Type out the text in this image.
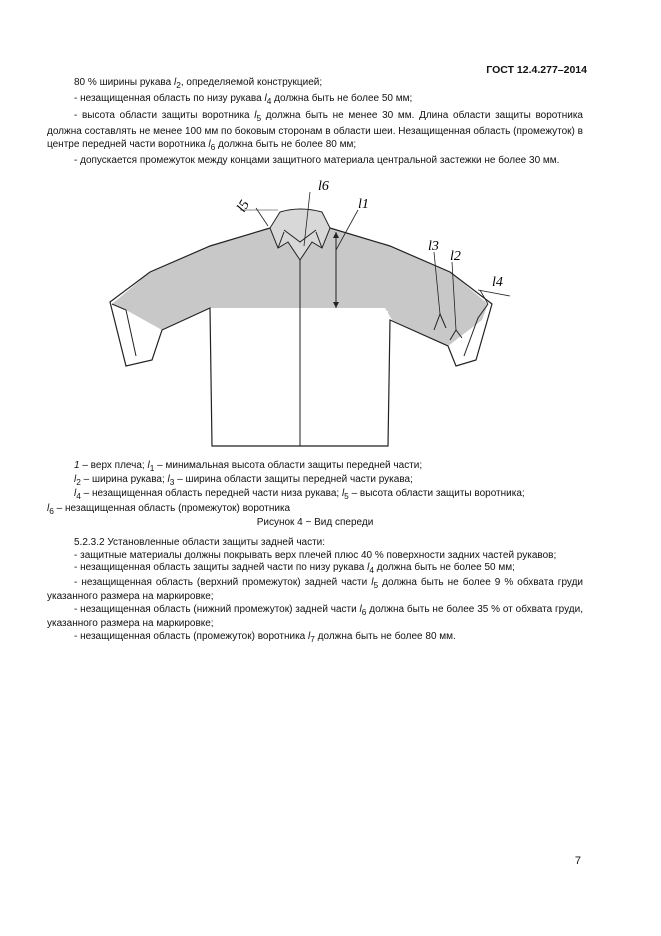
ГОСТ 12.4.277–2014

80 % ширины рукава $l_2$, определяемой конструкцией;

- незащищенная область по низу рукава $l_4$ должна быть не более 50 мм;

- высота области защиты воротника $l_5$ должна быть не менее 30 мм. Длина области защиты воротника должна составлять не менее 100 мм по боковым сторонам в области шеи. Незащищенная область (промежуток) в центре передней части воротника $l_6$ должна быть не более 80 мм;

- допускается промежуток между концами защитного материала центральной застежки не более 30 мм.

l6
l1
l5
l3
l2
l4

1 – верх плеча; $l_1$ – минимальная высота области защиты передней части;

$l_2$ – ширина рукава; $l_3$ – ширина области защиты передней части рукава;

$l_4$ – незащищенная область передней части низа рукава; $l_5$ – высота области защиты воротника;

$l_6$ – незащищенная область (промежуток) воротника

Рисунок 4 − Вид спереди

5.2.3.2 Установленные области защиты задней части:

- защитные материалы должны покрывать верх плечей плюс 40 % поверхности задних частей рукавов;

- незащищенная область защиты задней части по низу рукава $l_4$ должна быть не более 50 мм;

- незащищенная область (верхний промежуток) задней части $l_5$ должна быть не более 9 % обхвата груди указанного размера на маркировке;

- незащищенная область (нижний промежуток) задней части $l_6$ должна быть не более 35 % от обхвата груди, указанного размера на маркировке;

- незащищенная область (промежуток) воротника $l_7$ должна быть не более 80 мм.

7
